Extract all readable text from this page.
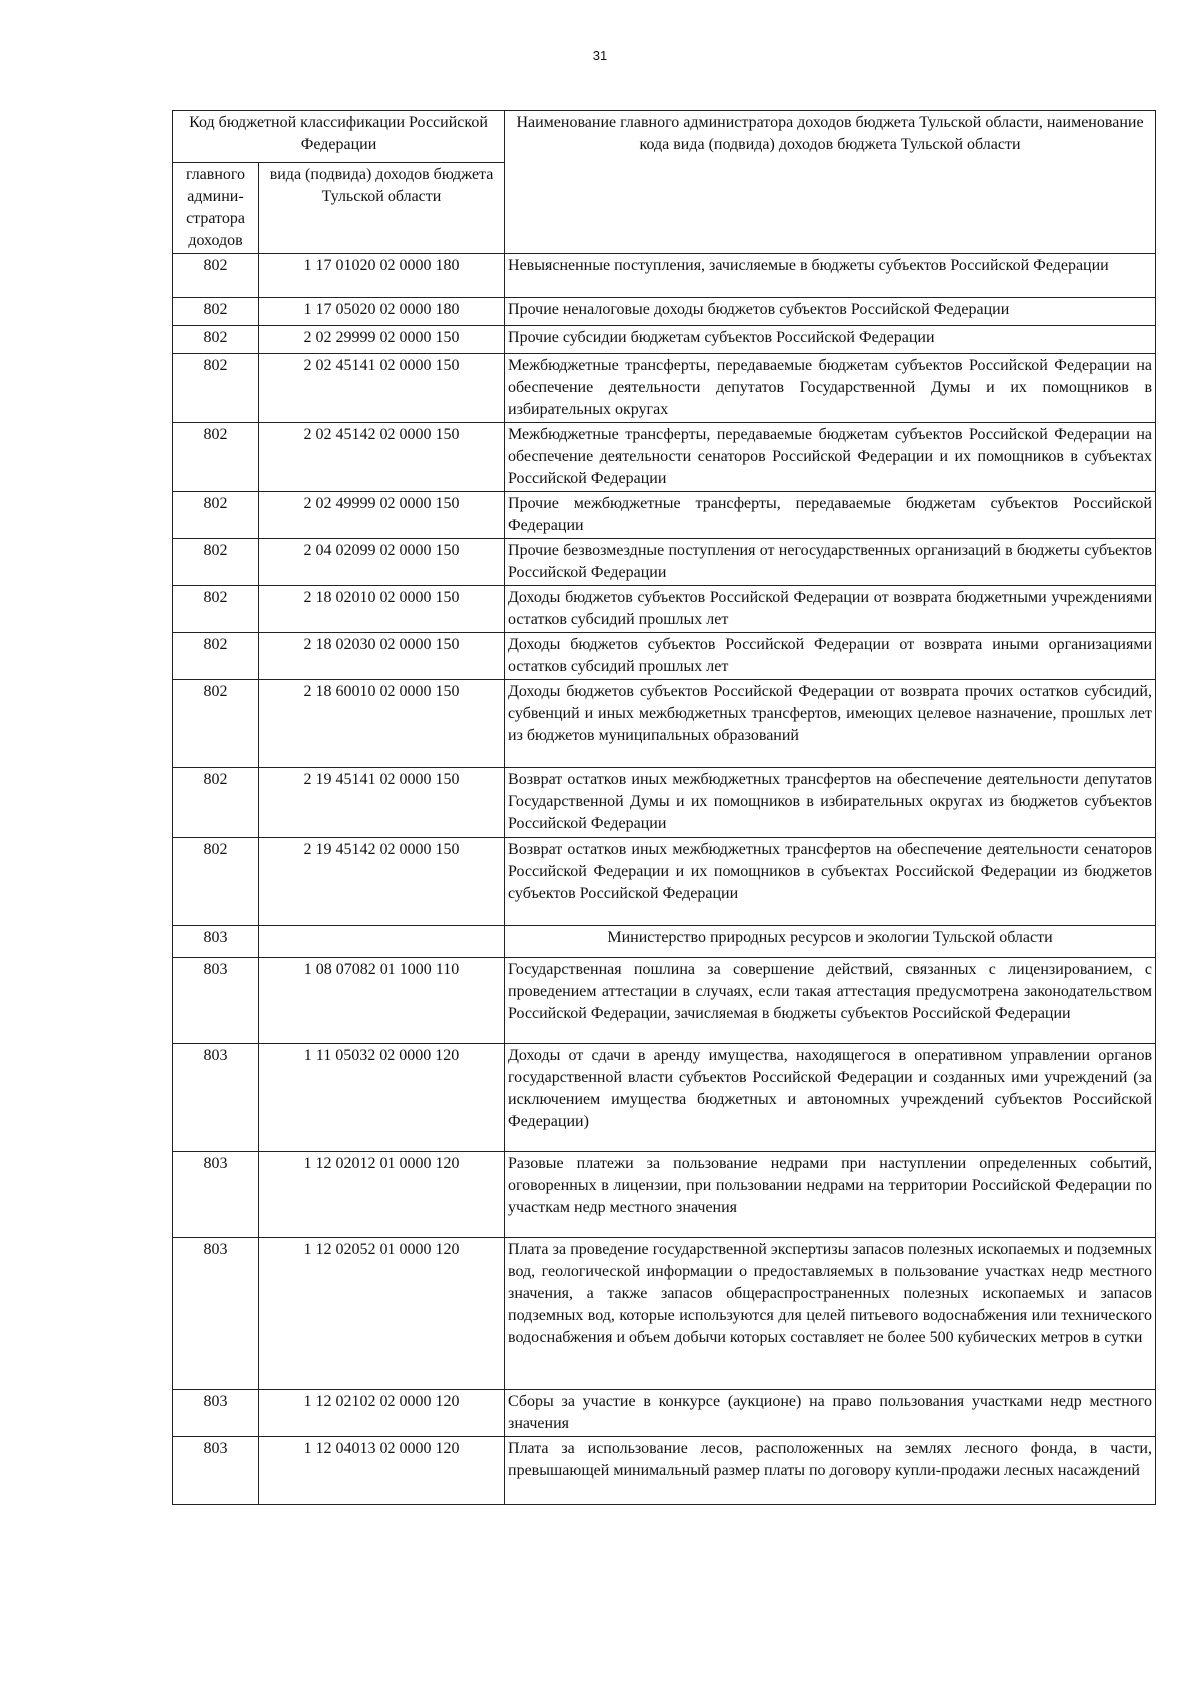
31
Код бюджетной классификации Российской Федерации		Наименование главного администратора доходов бюджета Тульской области, наименование кода вида (подвида) доходов бюджета Тульской области
главного админи-стратора доходов	вида (подвида) доходов бюджета Тульской области	
802	1 17 01020 02 0000 180	Невыясненные поступления, зачисляемые в бюджеты субъектов Российской Федерации
802	1 17 05020 02 0000 180	Прочие неналоговые доходы бюджетов субъектов Российской Федерации
802	2 02 29999 02 0000 150	Прочие субсидии бюджетам субъектов Российской Федерации
802	2 02 45141 02 0000 150	Межбюджетные трансферты, передаваемые бюджетам субъектов Российской Федерации на обеспечение деятельности депутатов Государственной Думы и их помощников в избирательных округах
802	2 02 45142 02 0000 150	Межбюджетные трансферты, передаваемые бюджетам субъектов Российской Федерации на обеспечение деятельности сенаторов Российской Федерации и их помощников в субъектах Российской Федерации
802	2 02 49999 02 0000 150	Прочие межбюджетные трансферты, передаваемые бюджетам субъектов Российской Федерации
802	2 04 02099 02 0000 150	Прочие безвозмездные поступления от негосударственных организаций в бюджеты субъектов Российской Федерации
802	2 18 02010 02 0000 150	Доходы бюджетов субъектов Российской Федерации от возврата бюджетными учреждениями остатков субсидий прошлых лет
802	2 18 02030 02 0000 150	Доходы бюджетов субъектов Российской Федерации от возврата иными организациями остатков субсидий прошлых лет
802	2 18 60010 02 0000 150	Доходы бюджетов субъектов Российской Федерации от возврата прочих остатков субсидий, субвенций и иных межбюджетных трансфертов, имеющих целевое назначение, прошлых лет из бюджетов муниципальных образований
802	2 19 45141 02 0000 150	Возврат остатков иных межбюджетных трансфертов на обеспечение деятельности депутатов Государственной Думы и их помощников в избирательных округах из бюджетов субъектов Российской Федерации
802	2 19 45142 02 0000 150	Возврат остатков иных межбюджетных трансфертов на обеспечение деятельности сенаторов Российской Федерации и их помощников в субъектах Российской Федерации из бюджетов субъектов Российской Федерации
803		Министерство природных ресурсов и экологии Тульской области
803	1 08 07082 01 1000 110	Государственная пошлина за совершение действий, связанных с лицензированием, с проведением аттестации в случаях, если такая аттестация предусмотрена законодательством Российской Федерации, зачисляемая в бюджеты субъектов Российской Федерации
803	1 11 05032 02 0000 120	Доходы от сдачи в аренду имущества, находящегося в оперативном управлении органов государственной власти субъектов Российской Федерации и созданных ими учреждений (за исключением имущества бюджетных и автономных учреждений субъектов Российской Федерации)
803	1 12 02012 01 0000 120	Разовые платежи за пользование недрами при наступлении определенных событий, оговоренных в лицензии, при пользовании недрами на территории Российской Федерации по участкам недр местного значения
803	1 12 02052 01 0000 120	Плата за проведение государственной экспертизы запасов полезных ископаемых и подземных вод, геологической информации о предоставляемых в пользование участках недр местного значения, а также запасов общераспространенных полезных ископаемых и запасов подземных вод, которые используются для целей питьевого водоснабжения или технического водоснабжения и объем добычи которых составляет не более 500 кубических метров в сутки
803	1 12 02102 02 0000 120	Сборы за участие в конкурсе (аукционе) на право пользования участками недр местного значения
803	1 12 04013 02 0000 120	Плата за использование лесов, расположенных на землях лесного фонда, в части, превышающей минимальный размер платы по договору купли-продажи лесных насаждений
